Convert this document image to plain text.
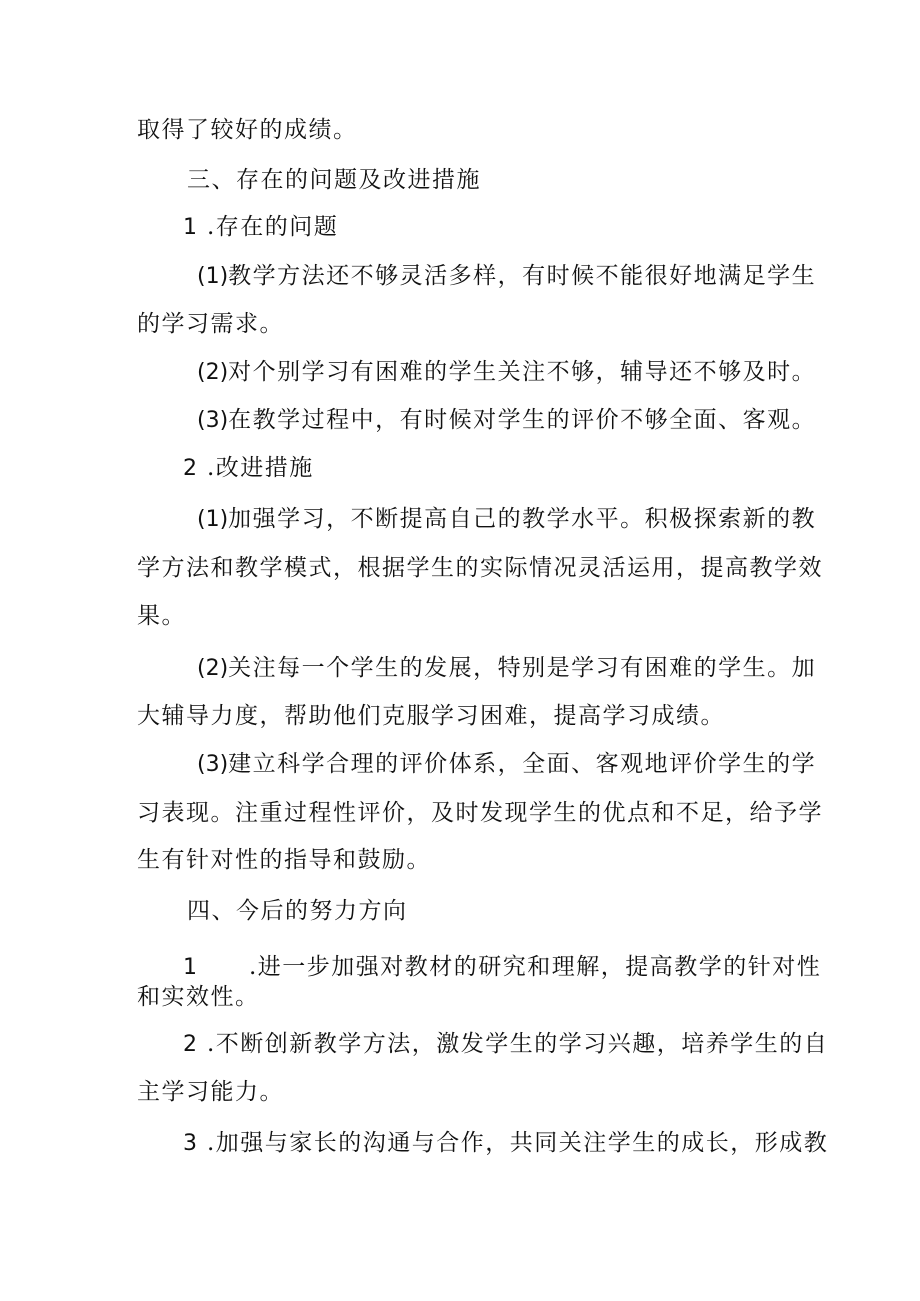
取得了较好的成绩。
三、存在的问题及改进措施
1 .存在的问题
(1)教学方法还不够灵活多样，有时候不能很好地满足学生
的学习需求。
(2)对个别学习有困难的学生关注不够，辅导还不够及时。
(3)在教学过程中，有时候对学生的评价不够全面、客观。
2 .改进措施
(1)加强学习，不断提高自己的教学水平。积极探索新的教
学方法和教学模式，根据学生的实际情况灵活运用，提高教学效
果。
(2)关注每一个学生的发展，特别是学习有困难的学生。加
大辅导力度，帮助他们克服学习困难，提高学习成绩。
(3)建立科学合理的评价体系，全面、客观地评价学生的学
习表现。注重过程性评价，及时发现学生的优点和不足，给予学
生有针对性的指导和鼓励。
四、今后的努力方向
1 .进一步加强对教材的研究和理解，提高教学的针对性
和实效性。
2 .不断创新教学方法，激发学生的学习兴趣，培养学生的自
主学习能力。
3 .加强与家长的沟通与合作，共同关注学生的成长，形成教
